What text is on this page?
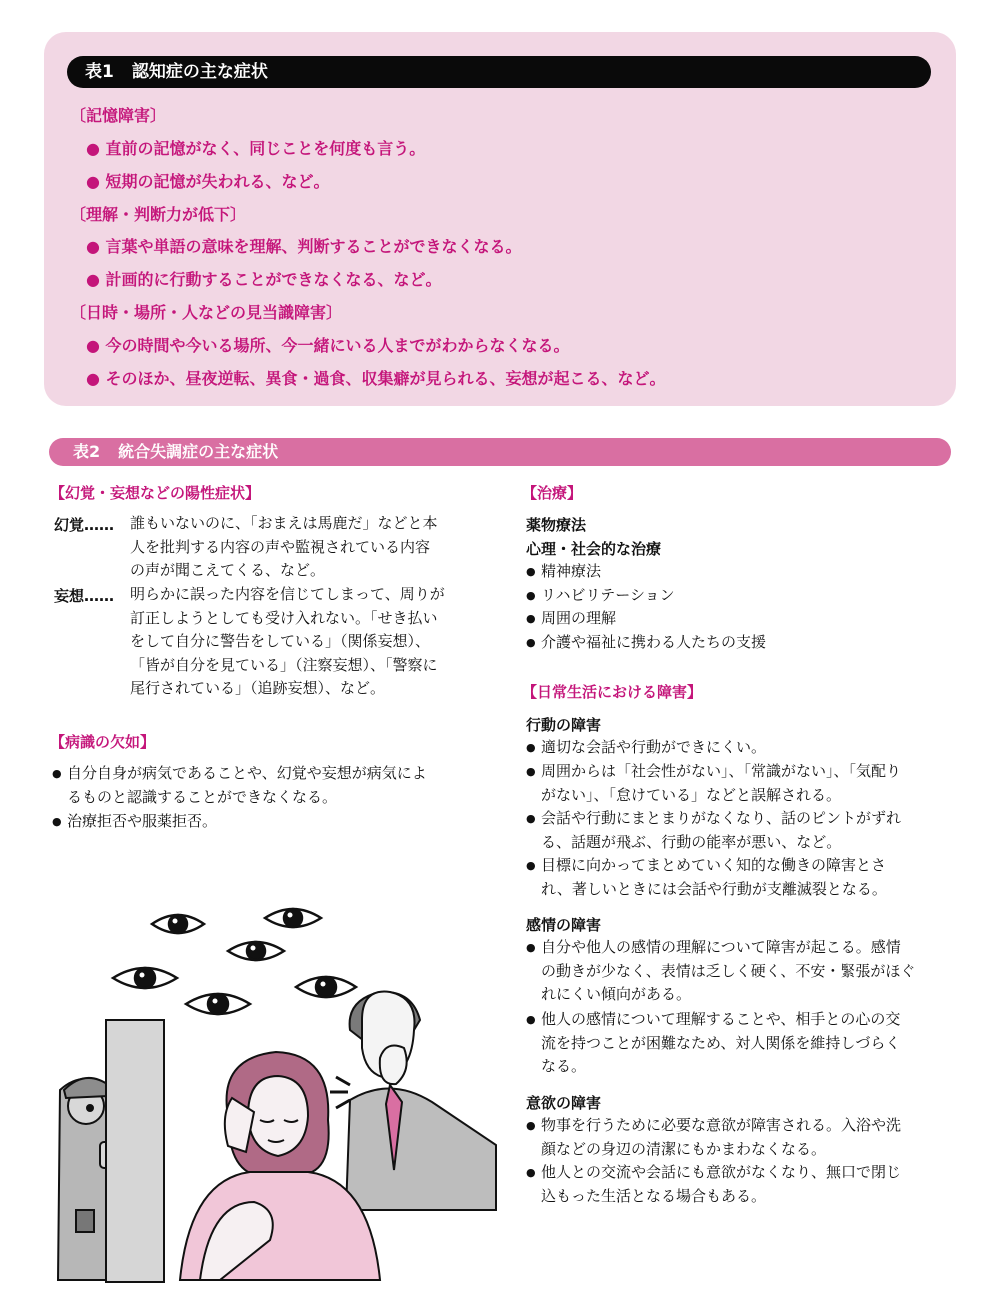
表1 認知症の主な症状
〔記憶障害〕
● 直前の記憶がなく、同じことを何度も言う。
● 短期の記憶が失われる、など。
〔理解・判断力が低下〕
● 言葉や単語の意味を理解、判断することができなくなる。
● 計画的に行動することができなくなる、など。
〔日時・場所・人などの見当識障害〕
● 今の時間や今いる場所、今一緒にいる人までがわからなくなる。
● そのほか、昼夜逆転、異食・過食、収集癖が見られる、妄想が起こる、など。
表2 統合失調症の主な症状
【幻覚・妄想などの陽性症状】
幻覚…… 誰もいないのに、「おまえは馬鹿だ」などと本
人を批判する内容の声や監視されている内容
の声が聞こえてくる、など。
妄想…… 明らかに誤った内容を信じてしまって、周りが
訂正しようとしても受け入れない。「せき払い
をして自分に警告をしている」（関係妄想）、
「皆が自分を見ている」（注察妄想）、「警察に
尾行されている」（追跡妄想）、など。
【病識の欠如】
● 自分自身が病気であることや、幻覚や妄想が病気によ
るものと認識することができなくなる。
● 治療拒否や服薬拒否。
【治療】
薬物療法
心理・社会的な治療
● 精神療法
● リハビリテーション
● 周囲の理解
● 介護や福祉に携わる人たちの支援
【日常生活における障害】
行動の障害
● 適切な会話や行動ができにくい。
● 周囲からは「社会性がない」、「常識がない」、「気配り
がない」、「怠けている」などと誤解される。
● 会話や行動にまとまりがなくなり、話のピントがずれ
る、話題が飛ぶ、行動の能率が悪い、など。
● 目標に向かってまとめていく知的な働きの障害とさ
れ、著しいときには会話や行動が支離滅裂となる。
感情の障害
● 自分や他人の感情の理解について障害が起こる。感情
の動きが少なく、表情は乏しく硬く、不安・緊張がほぐ
れにくい傾向がある。
● 他人の感情について理解することや、相手との心の交
流を持つことが困難なため、対人関係を維持しづらく
なる。
意欲の障害
● 物事を行うために必要な意欲が障害される。入浴や洗
顔などの身辺の清潔にもかまわなくなる。
● 他人との交流や会話にも意欲がなくなり、無口で閉じ
込もった生活となる場合もある。
